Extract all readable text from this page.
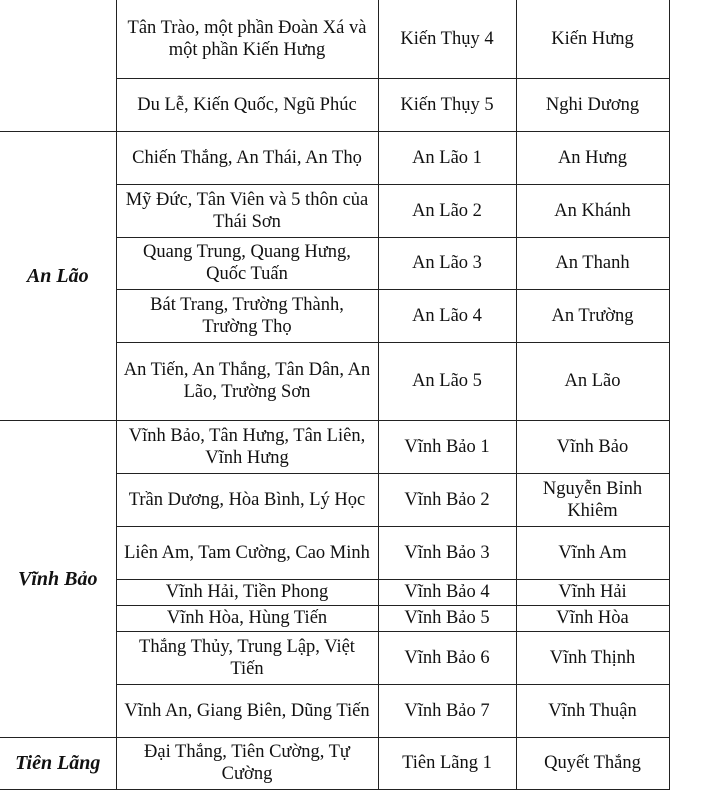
	Tân Trào, một phần Đoàn Xá và một phần Kiến Hưng	Kiến Thụy 4	Kiến Hưng
	Du Lễ, Kiến Quốc, Ngũ Phúc	Kiến Thụy 5	Nghi Dương
An Lão	Chiến Thắng, An Thái, An Thọ	An Lão 1	An Hưng
	Mỹ Đức, Tân Viên và 5 thôn của Thái Sơn	An Lão 2	An Khánh
	Quang Trung, Quang Hưng, Quốc Tuấn	An Lão 3	An Thanh
	Bát Trang, Trường Thành, Trường Thọ	An Lão 4	An Trường
	An Tiến, An Thắng, Tân Dân, An Lão, Trường Sơn	An Lão 5	An Lão
Vĩnh Bảo	Vĩnh Bảo, Tân Hưng, Tân Liên, Vĩnh Hưng	Vĩnh Bảo 1	Vĩnh Bảo
	Trần Dương, Hòa Bình, Lý Học	Vĩnh Bảo 2	Nguyễn Bỉnh Khiêm
	Liên Am, Tam Cường, Cao Minh	Vĩnh Bảo 3	Vĩnh Am
	Vĩnh Hải, Tiền Phong	Vĩnh Bảo 4	Vĩnh Hải
	Vĩnh Hòa, Hùng Tiến	Vĩnh Bảo 5	Vĩnh Hòa
	Thắng Thủy, Trung Lập, Việt Tiến	Vĩnh Bảo 6	Vĩnh Thịnh
	Vĩnh An, Giang Biên, Dũng Tiến	Vĩnh Bảo 7	Vĩnh Thuận
Tiên Lãng	Đại Thắng, Tiên Cường, Tự Cường	Tiên Lãng 1	Quyết Thắng
